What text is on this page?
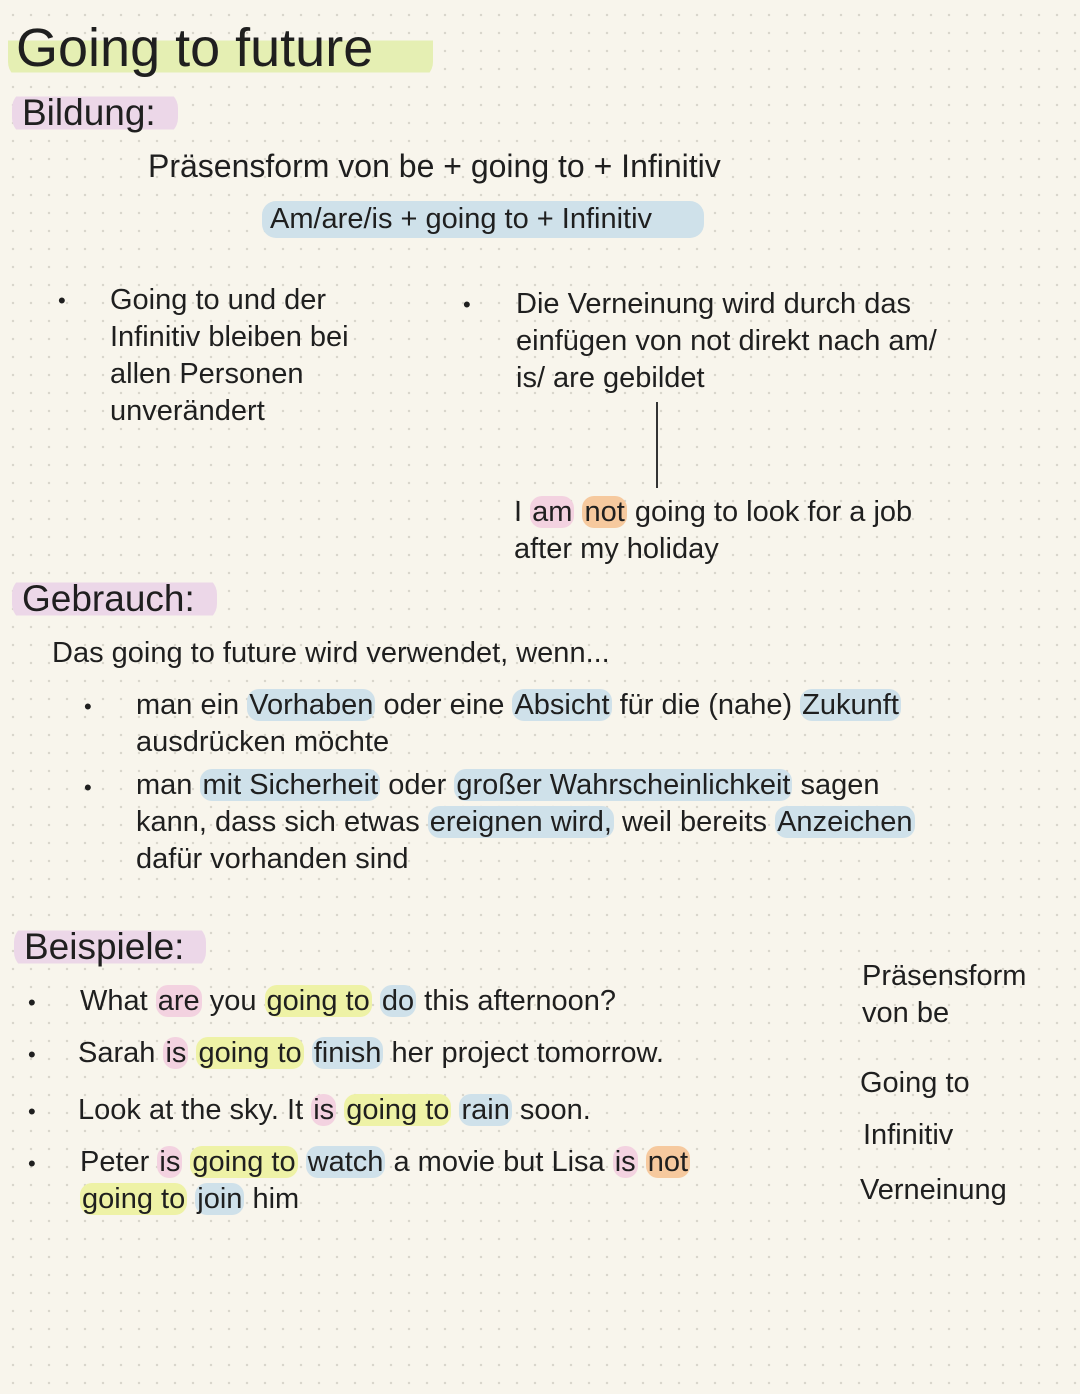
Going to future
Bildung:
Präsensform von be + going to + Infinitiv
Am/are/is + going to + Infinitiv
• Going to und der
Infinitiv bleiben bei
allen Personen
unverändert
• Die Verneinung wird durch das
einfügen von not direkt nach am/
is/ are gebildet
I am not going to look for a job
after my holiday
Gebrauch:
Das going to future wird verwendet, wenn...
• man ein Vorhaben oder eine Absicht für die (nahe) Zukunft
ausdrücken möchte
• man mit Sicherheit oder großer Wahrscheinlichkeit sagen
kann, dass sich etwas ereignen wird, weil bereits Anzeichen
dafür vorhanden sind
Beispiele:
• What are you going to do this afternoon?
• Sarah is going to finish her project tomorrow.
• Look at the sky. It is going to rain soon.
• Peter is going to watch a movie but Lisa is not
going to join him
Präsensform
von be
Going to
Infinitiv
Verneinung
